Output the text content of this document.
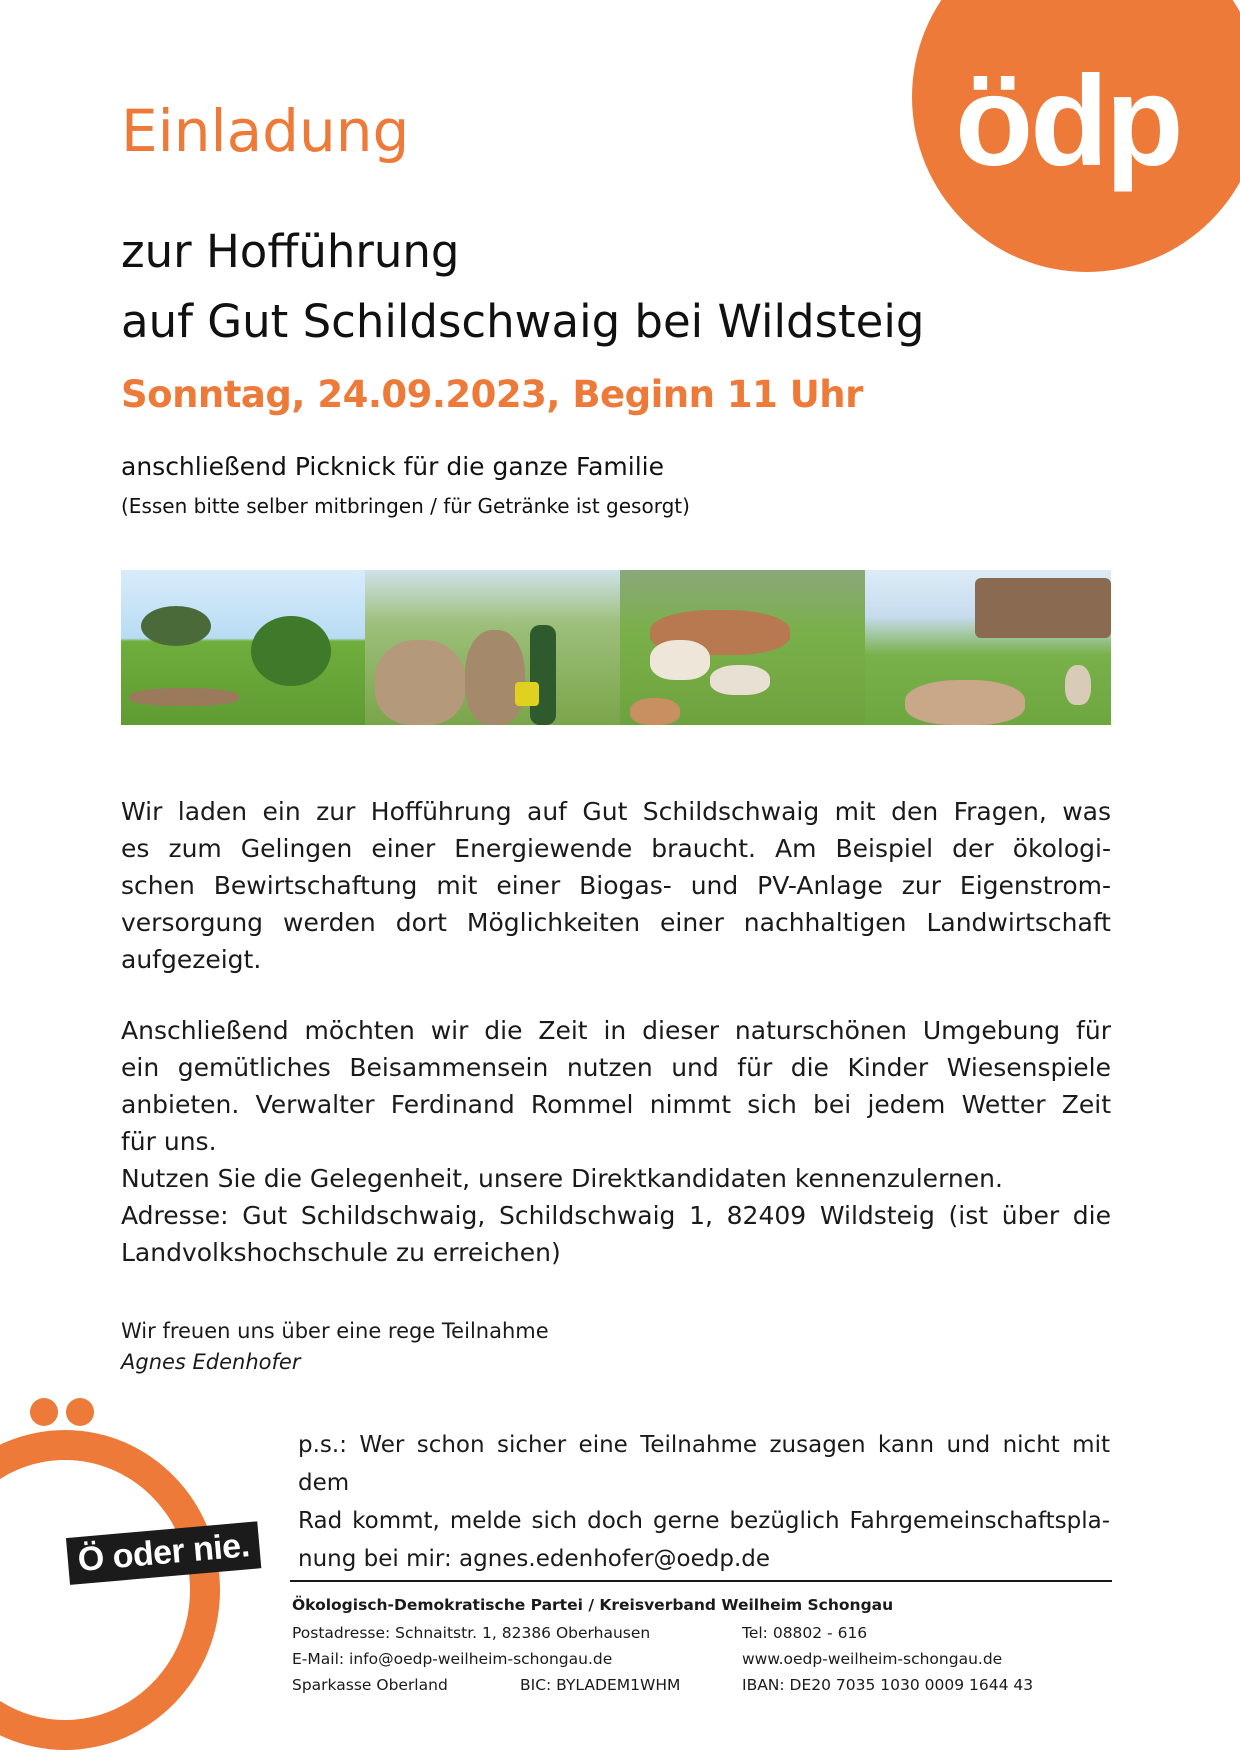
ödp
Einladung
zur Hofführung
auf Gut Schildschwaig bei Wildsteig
Sonntag, 24.09.2023, Beginn 11 Uhr
anschließend Picknick für die ganze Familie
(Essen bitte selber mitbringen / für Getränke ist gesorgt)
Wir laden ein zur Hofführung auf Gut Schildschwaig mit den Fragen, was
es zum Gelingen einer Energiewende braucht. Am Beispiel der ökologi-
schen Bewirtschaftung mit einer Biogas- und PV-Anlage zur Eigenstrom-
versorgung werden dort Möglichkeiten einer nachhaltigen Landwirtschaft
aufgezeigt.
Anschließend möchten wir die Zeit in dieser naturschönen Umgebung für
ein gemütliches Beisammensein nutzen und für die Kinder Wiesenspiele
anbieten. Verwalter Ferdinand Rommel nimmt sich bei jedem Wetter Zeit
für uns.
Nutzen Sie die Gelegenheit, unsere Direktkandidaten kennenzulernen.
Adresse: Gut Schildschwaig, Schildschwaig 1, 82409 Wildsteig (ist über die
Landvolkshochschule zu erreichen)
Wir freuen uns über eine rege Teilnahme
Agnes Edenhofer
Ö oder nie.
p.s.: Wer schon sicher eine Teilnahme zusagen kann und nicht mit dem
Rad kommt, melde sich doch gerne bezüglich Fahrgemeinschaftspla-
nung bei mir: agnes.edenhofer@oedp.de
Ökologisch-Demokratische Partei / Kreisverband Weilheim Schongau
Postadresse: Schnaitstr. 1, 82386 Oberhausen	Tel: 08802 - 616
E-Mail: info@oedp-weilheim-schongau.de	www.oedp-weilheim-schongau.de
Sparkasse Oberland	BIC: BYLADEM1WHM	IBAN: DE20 7035 1030 0009 1644 43
